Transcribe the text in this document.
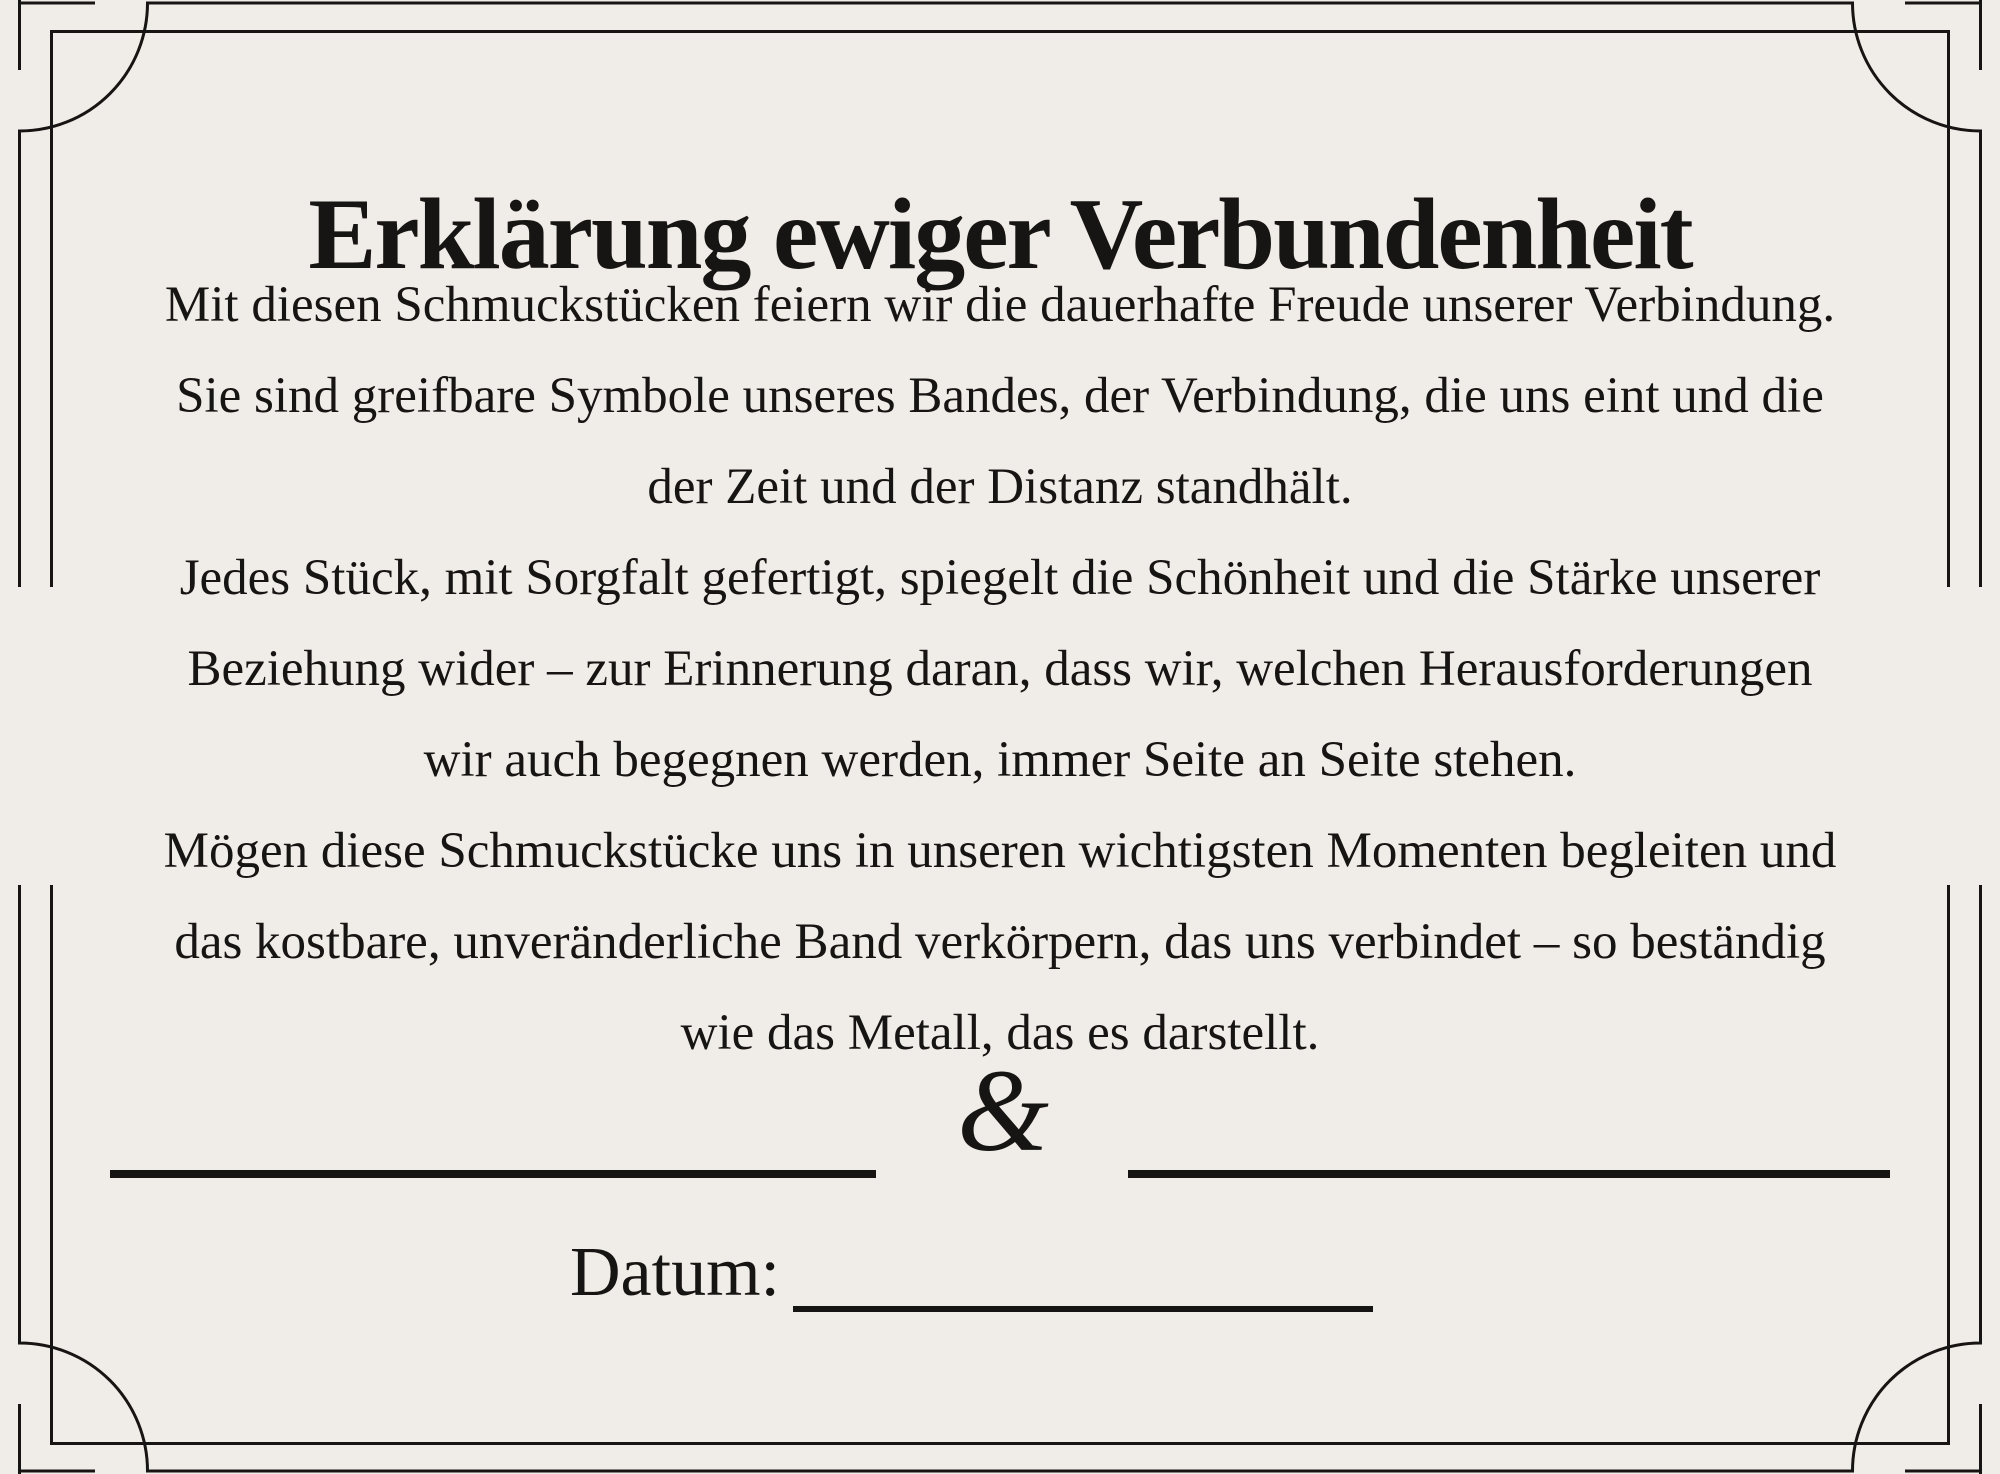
Erklärung ewiger Verbundenheit
Mit diesen Schmuckstücken feiern wir die dauerhafte Freude unserer Verbindung.
Sie sind greifbare Symbole unseres Bandes, der Verbindung, die uns eint und die
der Zeit und der Distanz standhält.
Jedes Stück, mit Sorgfalt gefertigt, spiegelt die Schönheit und die Stärke unserer
Beziehung wider – zur Erinnerung daran, dass wir, welchen Herausforderungen
wir auch begegnen werden, immer Seite an Seite stehen.
Mögen diese Schmuckstücke uns in unseren wichtigsten Momenten begleiten und
das kostbare, unveränderliche Band verkörpern, das uns verbindet – so beständig
wie das Metall, das es darstellt.
&
Datum:
